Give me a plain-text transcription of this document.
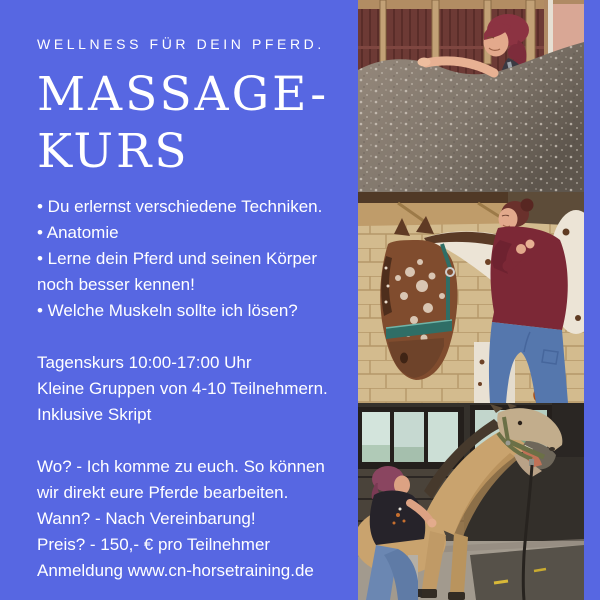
WELLNESS FÜR DEIN PFERD.
MASSAGE-
KURS
• Du erlernst verschiedene Techniken.
• Anatomie
• Lerne dein Pferd und seinen Körper noch besser kennen!
• Welche Muskeln sollte ich lösen?

Tagenskurs 10:00-17:00 Uhr
Kleine Gruppen von 4-10 Teilnehmern.
Inklusive Skript

Wo? - Ich komme zu euch. So können wir direkt eure Pferde bearbeiten.
Wann? - Nach Vereinbarung!
Preis? - 150,- € pro Teilnehmer
Anmeldung www.cn-horsetraining.de
